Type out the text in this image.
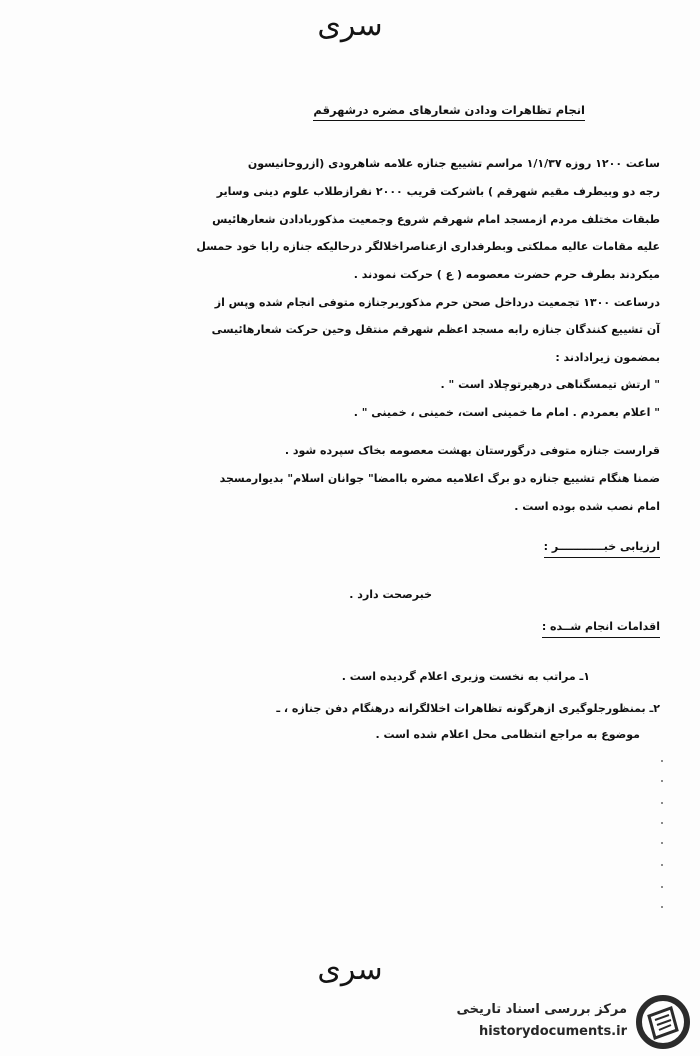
سری
انجام تظاهرات ودادن شعارهای مضره درشهرقم
ساعت ۱۲۰۰ روزه ۱/۱/۳۷ مراسم تشییع جنازه علامه شاهرودی (ازروحانیسون
رجه دو وبیطرف مقیم شهرقم ) باشرکت قریب ۲۰۰۰ نفرازطلاب علوم دینی وسایر
طبقات مختلف مردم ازمسجد امام شهرقم شروع وجمعیت مذکوربادادن شعارهائیس
علیه مقامات عالیه مملکتی وبطرفداری ازعناصراخلالگر درحالیکه جنازه رابا خود حمسل
میکردند بطرف حرم حضرت معصومه ( ع ) حرکت نمودند .
درساعت ۱۳۰۰ تجمعیت درداخل صحن حرم مذکوربرجنازه متوفی انجام شده وپس از
آن تشییع کنندگان جنازه رابه مسجد اعظم شهرقم منتقل وحین حرکت شعارهائیسی
بمضمون زیرادادند :
" ارتش تیمسگناهی درهیرتوچلاد است " .
" اعلام بعمردم . امام ما خمینی است، خمینی ، خمینی " .
قرارست جنازه متوفی درگورستان بهشت معصومه بخاک سپرده شود .
ضمنا هنگام تشییع جنازه دو برگ اعلامیه مضره باامضا" جوانان اسلام" بدیوارمسجد
امام نصب شده بوده است .
ارزیابی خبــــــــــــر :
خبرصحت دارد .
اقدامات انجام شــده :
۱ـ مراتب به نخست وزیری اعلام گردیده است .
۲ـ بمنظورجلوگیری ازهرگونه تظاهرات اخلالگرانه درهنگام دفن جنازه ، ـ
موضوع به مراجع انتظامی محل اعلام شده است .
سری
مرکز بررسی اسناد تاریخی
historydocuments.ir
